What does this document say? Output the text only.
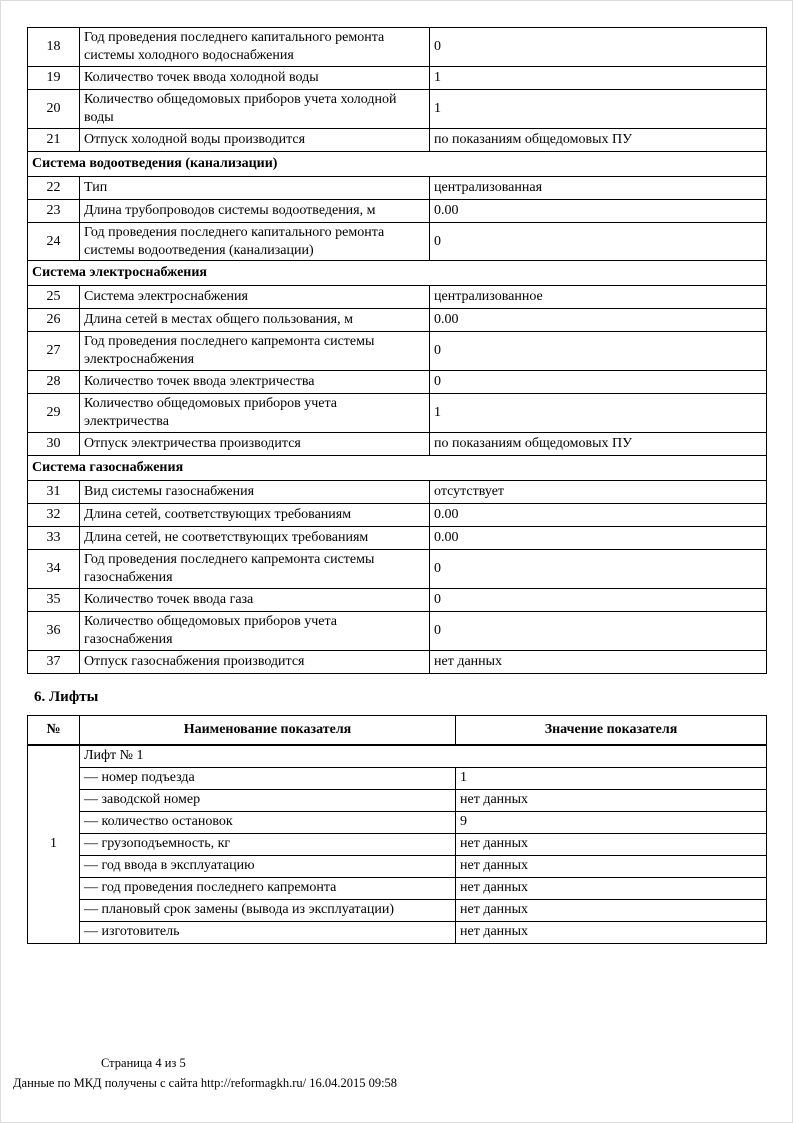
18	Год проведения последнего капитального ремонта системы холодного водоснабжения	0
19	Количество точек ввода холодной воды	1
20	Количество общедомовых приборов учета холодной воды	1
21	Отпуск холодной воды производится	по показаниям общедомовых ПУ
Система водоотведения (канализации)		
22	Тип	централизованная
23	Длина трубопроводов системы водоотведения, м	0.00
24	Год проведения последнего капитального ремонта системы водоотведения (канализации)	0
Система электроснабжения		
25	Система электроснабжения	централизованное
26	Длина сетей в местах общего пользования, м	0.00
27	Год проведения последнего капремонта системы электроснабжения	0
28	Количество точек ввода электричества	0
29	Количество общедомовых приборов учета электричества	1
30	Отпуск электричества производится	по показаниям общедомовых ПУ
Система газоснабжения		
31	Вид системы газоснабжения	отсутствует
32	Длина сетей, соответствующих требованиям	0.00
33	Длина сетей, не соответствующих требованиям	0.00
34	Год проведения последнего капремонта системы газоснабжения	0
35	Количество точек ввода газа	0
36	Количество общедомовых приборов учета газоснабжения	0
37	Отпуск газоснабжения производится	нет данных
6. Лифты
№	Наименование показателя	Значение показателя
1	Лифт № 1	
	— номер подъезда	1
	— заводской номер	нет данных
	— количество остановок	9
	— грузоподъемность, кг	нет данных
	— год ввода в эксплуатацию	нет данных
	— год проведения последнего капремонта	нет данных
	— плановый срок замены (вывода из эксплуатации)	нет данных
	— изготовитель	нет данных
Страница 4 из 5
Данные по МКД получены с сайта http://reformagkh.ru/ 16.04.2015 09:58
